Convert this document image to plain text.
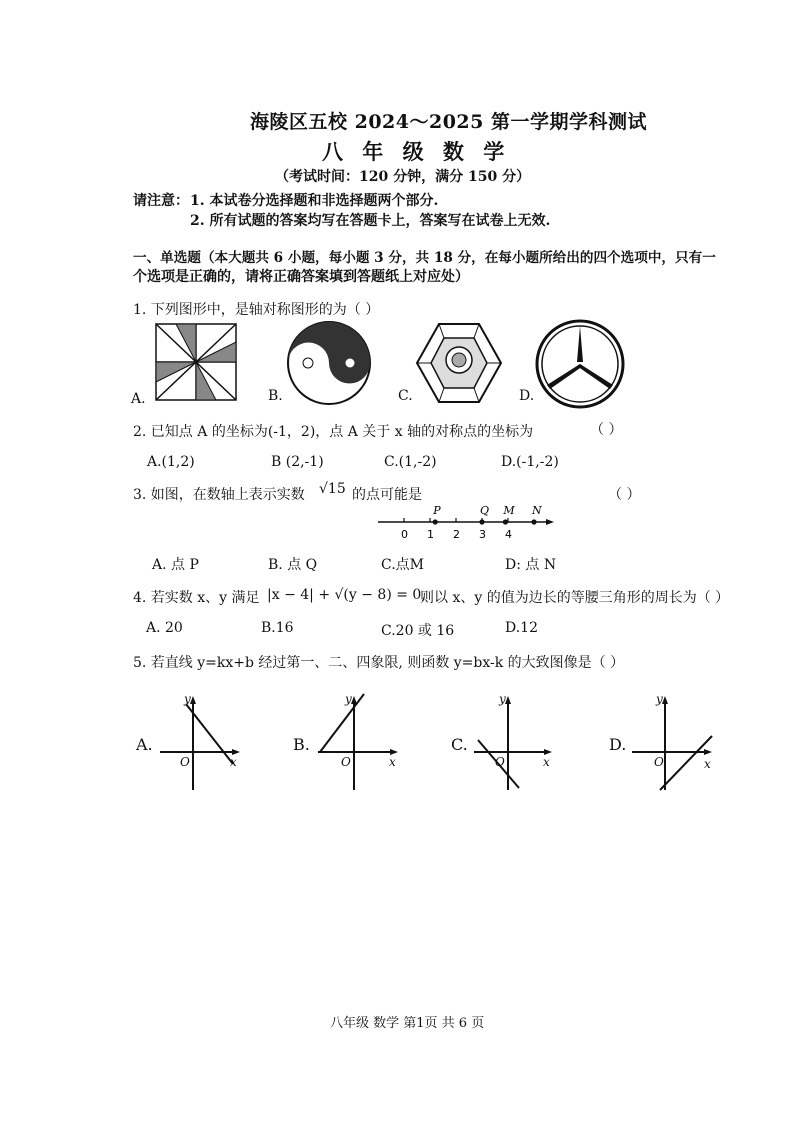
海陵区五校 2024～2025 第一学期学科测试
八 年 级 数 学
（考试时间：120 分钟，满分 150 分）
请注意： 1. 本试卷分选择题和非选择题两个部分.
2. 所有试题的答案均写在答题卡上，答案写在试卷上无效.
一、单选题（本大题共 6 小题，每小题 3 分，共 18 分，在每小题所给出的四个选项中，只有一
个选项是正确的，请将正确答案填到答题纸上对应处）
1. 下列图形中，是轴对称图形的为（ ）
A.	B.	C.	D.
2. 已知点 A 的坐标为(-1，2)，点 A 关于 x 轴的对称点的坐标为	（ ）
A.(1,2)	B (2,-1)	C.(1,-2)	D.(-1,-2)
3. 如图，在数轴上表示实数 √15 的点可能是	（ ）
0 1 2 3 4
P	Q M N
A. 点 P	B. 点 Q	C.点M	D: 点 N
4. 若实数 x、y 满足 |x − 4| + √(y − 8) = 0,
则以 x、y 的值为边长的等腰三角形的周长为（ ）
A. 20	B.16	C.20 或 16	D.12
5. 若直线 y=kx+b 经过第一、二、四象限, 则函数 y=bx-k 的大致图像是（ ）
A.	B.	C.	D.
y
x
O
y
x
O
y
x
O
y
x
O
八年级 数学 第1页 共 6 页
